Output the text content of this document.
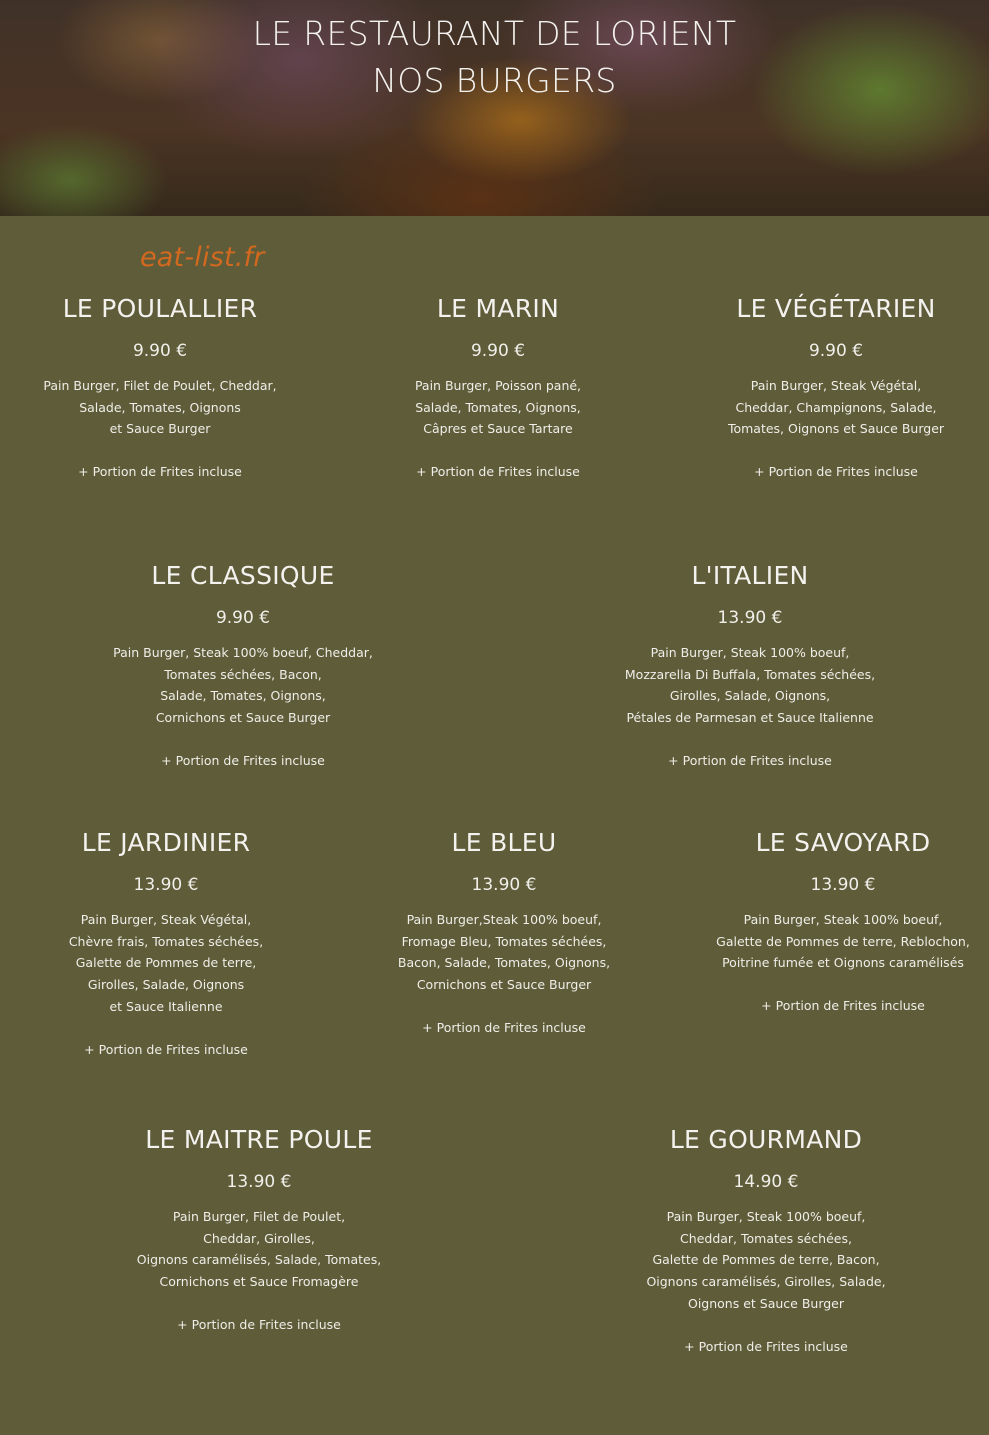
LE RESTAURANT DE LORIENT
NOS BURGERS
eat-list.fr
LE POULALLIER
9.90 €
Pain Burger, Filet de Poulet, Cheddar,
Salade, Tomates, Oignons
et Sauce Burger
+ Portion de Frites incluse
LE MARIN
9.90 €
Pain Burger, Poisson pané,
Salade, Tomates, Oignons,
Câpres et Sauce Tartare
+ Portion de Frites incluse
LE VÉGÉTARIEN
9.90 €
Pain Burger, Steak Végétal,
Cheddar, Champignons, Salade,
Tomates, Oignons et Sauce Burger
+ Portion de Frites incluse
LE CLASSIQUE
9.90 €
Pain Burger, Steak 100% boeuf, Cheddar,
Tomates séchées, Bacon,
Salade, Tomates, Oignons,
Cornichons et Sauce Burger
+ Portion de Frites incluse
L'ITALIEN
13.90 €
Pain Burger, Steak 100% boeuf,
Mozzarella Di Buffala, Tomates séchées,
Girolles, Salade, Oignons,
Pétales de Parmesan et Sauce Italienne
+ Portion de Frites incluse
LE JARDINIER
13.90 €
Pain Burger, Steak Végétal,
Chèvre frais, Tomates séchées,
Galette de Pommes de terre,
Girolles, Salade, Oignons
et Sauce Italienne
+ Portion de Frites incluse
LE BLEU
13.90 €
Pain Burger,Steak 100% boeuf,
Fromage Bleu, Tomates séchées,
Bacon, Salade, Tomates, Oignons,
Cornichons et Sauce Burger
+ Portion de Frites incluse
LE SAVOYARD
13.90 €
Pain Burger, Steak 100% boeuf,
Galette de Pommes de terre, Reblochon,
Poitrine fumée et Oignons caramélisés
+ Portion de Frites incluse
LE MAITRE POULE
13.90 €
Pain Burger, Filet de Poulet,
Cheddar, Girolles,
Oignons caramélisés, Salade, Tomates,
Cornichons et Sauce Fromagère
+ Portion de Frites incluse
LE GOURMAND
14.90 €
Pain Burger, Steak 100% boeuf,
Cheddar, Tomates séchées,
Galette de Pommes de terre, Bacon,
Oignons caramélisés, Girolles, Salade,
Oignons et Sauce Burger
+ Portion de Frites incluse
